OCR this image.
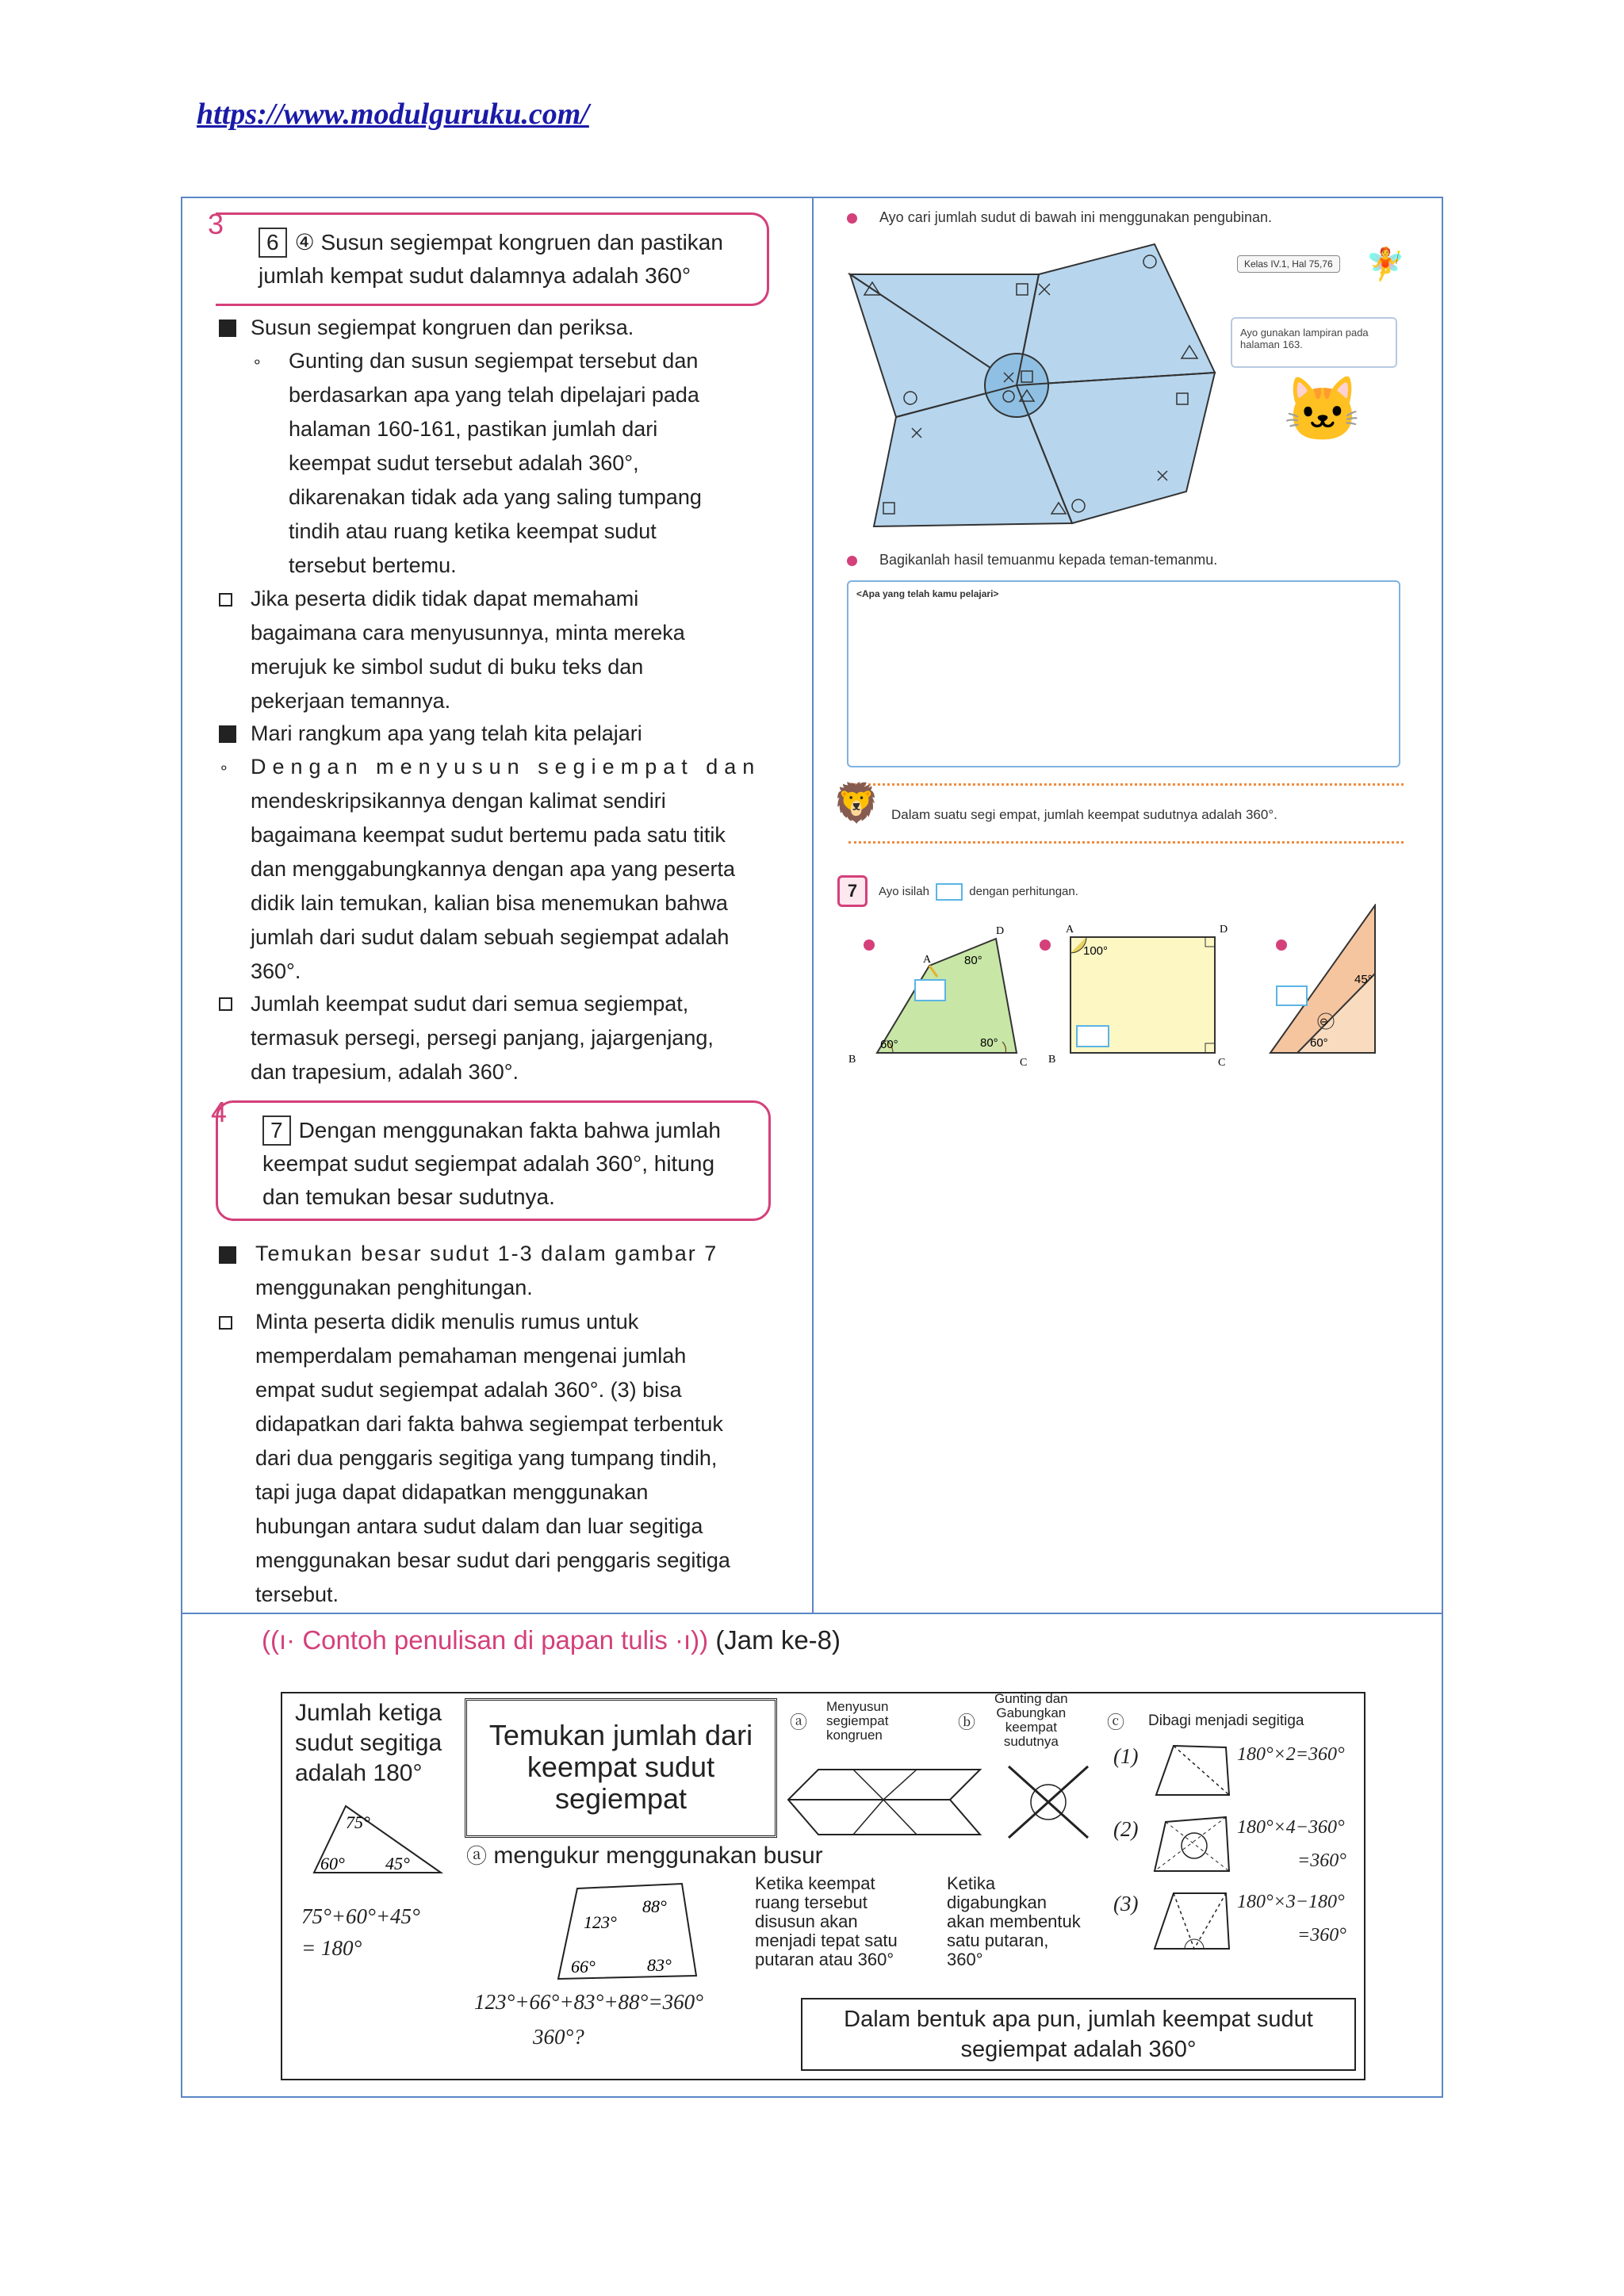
https://www.modulguruku.com/
3
6 ④ Susun segiempat kongruen dan pastikan
jumlah kempat sudut dalamnya adalah 360°
Susun segiempat kongruen dan periksa.
∘ Gunting dan susun segiempat tersebut dan
berdasarkan apa yang telah dipelajari pada
halaman 160-161, pastikan jumlah dari
keempat sudut tersebut adalah 360°,
dikarenakan tidak ada yang saling tumpang
tindih atau ruang ketika keempat sudut
tersebut bertemu.
Jika peserta didik tidak dapat memahami
bagaimana cara menyusunnya, minta mereka
merujuk ke simbol sudut di buku teks dan
pekerjaan temannya.
Mari rangkum apa yang telah kita pelajari
∘ Dengan menyusun segiempat dan
mendeskripsikannya dengan kalimat sendiri
bagaimana keempat sudut bertemu pada satu titik
dan menggabungkannya dengan apa yang peserta
didik lain temukan, kalian bisa menemukan bahwa
jumlah dari sudut dalam sebuah segiempat adalah
360°.
Jumlah keempat sudut dari semua segiempat,
termasuk persegi, persegi panjang, jajargenjang,
dan trapesium, adalah 360°.
4
7 Dengan menggunakan fakta bahwa jumlah
keempat sudut segiempat adalah 360°, hitung
dan temukan besar sudutnya.
Temukan besar sudut 1-3 dalam gambar 7
menggunakan penghitungan.
Minta peserta didik menulis rumus untuk
memperdalam pemahaman mengenai jumlah
empat sudut segiempat adalah 360°. (3) bisa
didapatkan dari fakta bahwa segiempat terbentuk
dari dua penggaris segitiga yang tumpang tindih,
tapi juga dapat didapatkan menggunakan
hubungan antara sudut dalam dan luar segitiga
menggunakan besar sudut dari penggaris segitiga
tersebut.
Ayo cari jumlah sudut di bawah ini menggunakan pengubinan.
Kelas IV.1, Hal 75,76 🧚
Ayo gunakan lampiran pada halaman 163.
🐱
Bagikanlah hasil temuanmu kepada teman-temanmu.
<Apa yang telah kamu pelajari>
🦁 Dalam suatu segi empat, jumlah keempat sudutnya adalah 360°.
7	Ayo isilah	dengan perhitungan.
A
D
B	C
80°
60°	80°
A	D
B	C
100°
⊖
45°
60°
((ı· Contoh penulisan di papan tulis ·ı)) (Jam ke-8)
Jumlah ketiga
sudut segitiga
adalah 180°
75°
60° 45°
75°+60°+45°
= 180°
Temukan jumlah dari
keempat sudut
segiempat
ⓐ mengukur menggunakan busur
123°
88°
66°	83°
123°+66°+83°+88°=360°
360°?
Ketika keempat
ruang tersebut
disusun akan
menjadi tepat satu
putaran atau 360°
Ketika
digabungkan
akan membentuk
satu putaran,
360°
ⓐ
Menyusun
segiempat
kongruen
ⓑ
Gunting dan
Gabungkan
keempat
sudutnya
ⓒ Dibagi menjadi segitiga
(1)	180°×2=360°
(2)	180°×4−360°
=360°
(3)	180°×3−180°
=360°
Dalam bentuk apa pun, jumlah keempat sudut
segiempat adalah 360°
